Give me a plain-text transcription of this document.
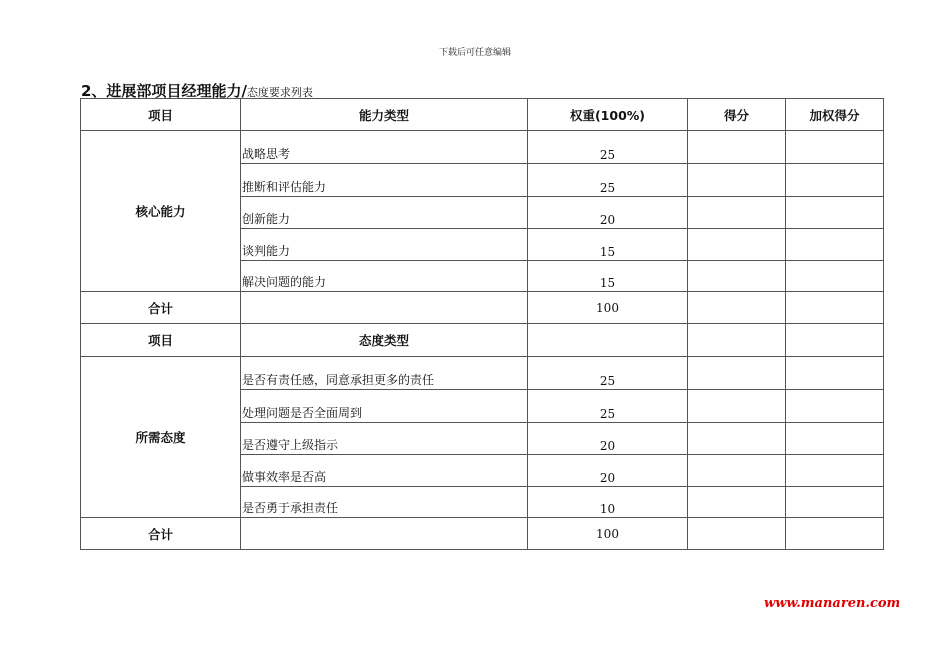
下载后可任意编辑
2、进展部项目经理能力/态度要求列表
项目	能力类型	权重(100%)	得分	加权得分
核心能力	战略思考	25		
	推断和评估能力	25		
	创新能力	20		
	谈判能力	15		
	解决问题的能力	15		
合计		100		
项目	态度类型			
所需态度	是否有责任感，同意承担更多的责任	25		
	处理问题是否全面周到	25		
	是否遵守上级指示	20		
	做事效率是否高	20		
	是否勇于承担责任	10		
合计		100		
www.manaren.com
